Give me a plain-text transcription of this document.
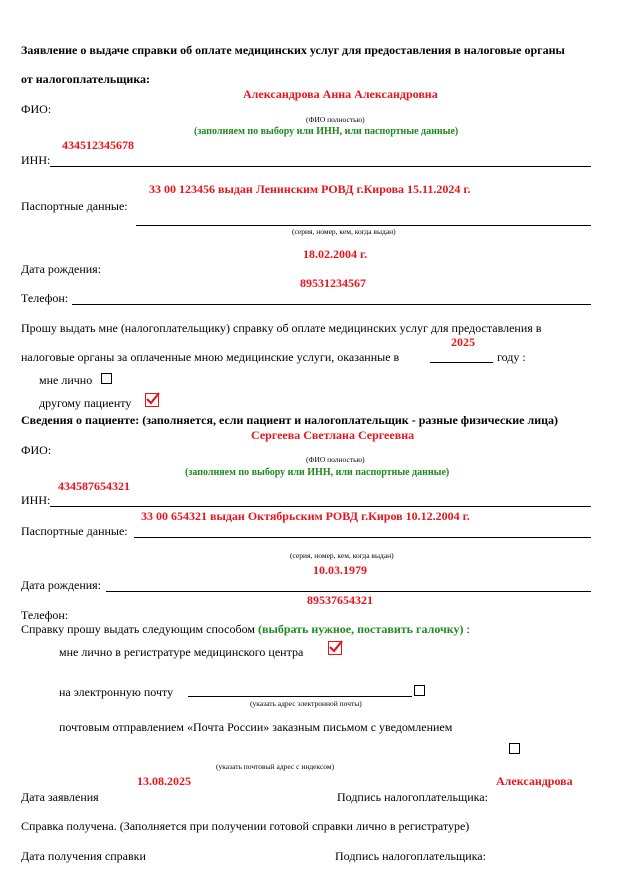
Заявление о выдаче справки об оплате медицинских услуг для предоставления в налоговые органы
от налогоплательщика:
Александрова Анна Александровна
ФИО:
(ФИО полностью)
(заполняем по выбору или ИНН, или паспортные данные)
434512345678
ИНН:
33 00 123456 выдан Ленинским РОВД г.Кирова 15.11.2024 г.
Паспортные данные:
(серия, номер, кем, когда выдан)
18.02.2004 г.
Дата рождения:
89531234567
Телефон:
Прошу выдать мне (налогоплательщику) справку об оплате медицинских услуг для предоставления в
2025
налоговые органы за оплаченные мною медицинские услуги, оказанные в	году :
мне лично
другому пациенту
Сведения о пациенте: (заполняется, если пациент и налогоплательщик - разные физические лица)
Сергеева Светлана Сергеевна
ФИО:
(ФИО полностью)
(заполняем по выбору или ИНН, или паспортные данные)
434587654321
ИНН:
33 00 654321 выдан Октябрьским РОВД г.Киров 10.12.2004 г.
Паспортные данные:
(серия, номер, кем, когда выдан)
10.03.1979
Дата рождения:
89537654321
Телефон:
Справку прошу выдать следующим способом (выбрать нужное, поставить галочку) :
мне лично в регистратуре медицинского центра
на электронную почту
(указать адрес электронной почты)
почтовым отправлением «Почта России» заказным письмом с уведомлением
(указать почтовый адрес с индексом)
13.08.2025	Александрова
Дата заявления	Подпись налогоплательщика:
Справка получена. (Заполняется при получении готовой справки лично в регистратуре)
Дата получения справки	Подпись налогоплательщика:
